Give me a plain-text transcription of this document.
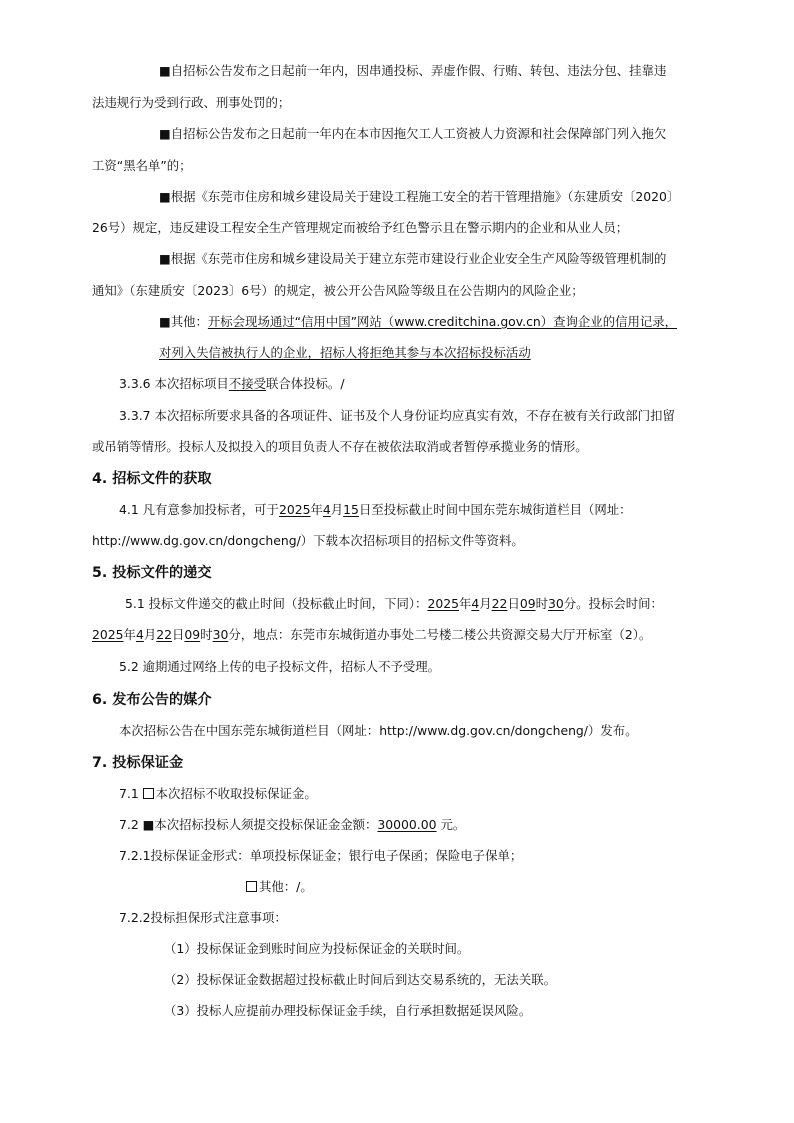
■自招标公告发布之日起前一年内，因串通投标、弄虚作假、行贿、转包、违法分包、挂靠违
法违规行为受到行政、刑事处罚的；
■自招标公告发布之日起前一年内在本市因拖欠工人工资被人力资源和社会保障部门列入拖欠
工资“黑名单”的；
■根据《东莞市住房和城乡建设局关于建设工程施工安全的若干管理措施》（东建质安〔2020〕
26号）规定，违反建设工程安全生产管理规定而被给予红色警示且在警示期内的企业和从业人员；
■根据《东莞市住房和城乡建设局关于建立东莞市建设行业企业安全生产风险等级管理机制的
通知》（东建质安〔2023〕6号）的规定，被公开公告风险等级且在公告期内的风险企业；
■其他：开标会现场通过“信用中国”网站（www.creditchina.gov.cn）查询企业的信用记录，
对列入失信被执行人的企业，招标人将拒绝其参与本次招标投标活动
3.3.6 本次招标项目不接受联合体投标。/
3.3.7 本次招标所要求具备的各项证件、证书及个人身份证均应真实有效，不存在被有关行政部门扣留
或吊销等情形。投标人及拟投入的项目负责人不存在被依法取消或者暂停承揽业务的情形。
4. 招标文件的获取
4.1 凡有意参加投标者，可于2025年4月15日至投标截止时间中国东莞东城街道栏目（网址：
http://www.dg.gov.cn/dongcheng/）下载本次招标项目的招标文件等资料。
5. 投标文件的递交
5.1 投标文件递交的截止时间（投标截止时间，下同）：2025年4月22日09时30分。投标会时间：
2025年4月22日09时30分，地点：东莞市东城街道办事处二号楼二楼公共资源交易大厅开标室（2）。
5.2 逾期通过网络上传的电子投标文件，招标人不予受理。
6. 发布公告的媒介
本次招标公告在中国东莞东城街道栏目（网址：http://www.dg.gov.cn/dongcheng/）发布。
7. 投标保证金
7.1 本次招标不收取投标保证金。
7.2 ■本次招标投标人须提交投标保证金金额：30000.00 元。
7.2.1投标保证金形式：单项投标保证金；银行电子保函；保险电子保单；
其他：/。
7.2.2投标担保形式注意事项：
（1）投标保证金到账时间应为投标保证金的关联时间。
（2）投标保证金数据超过投标截止时间后到达交易系统的，无法关联。
（3）投标人应提前办理投标保证金手续，自行承担数据延误风险。
